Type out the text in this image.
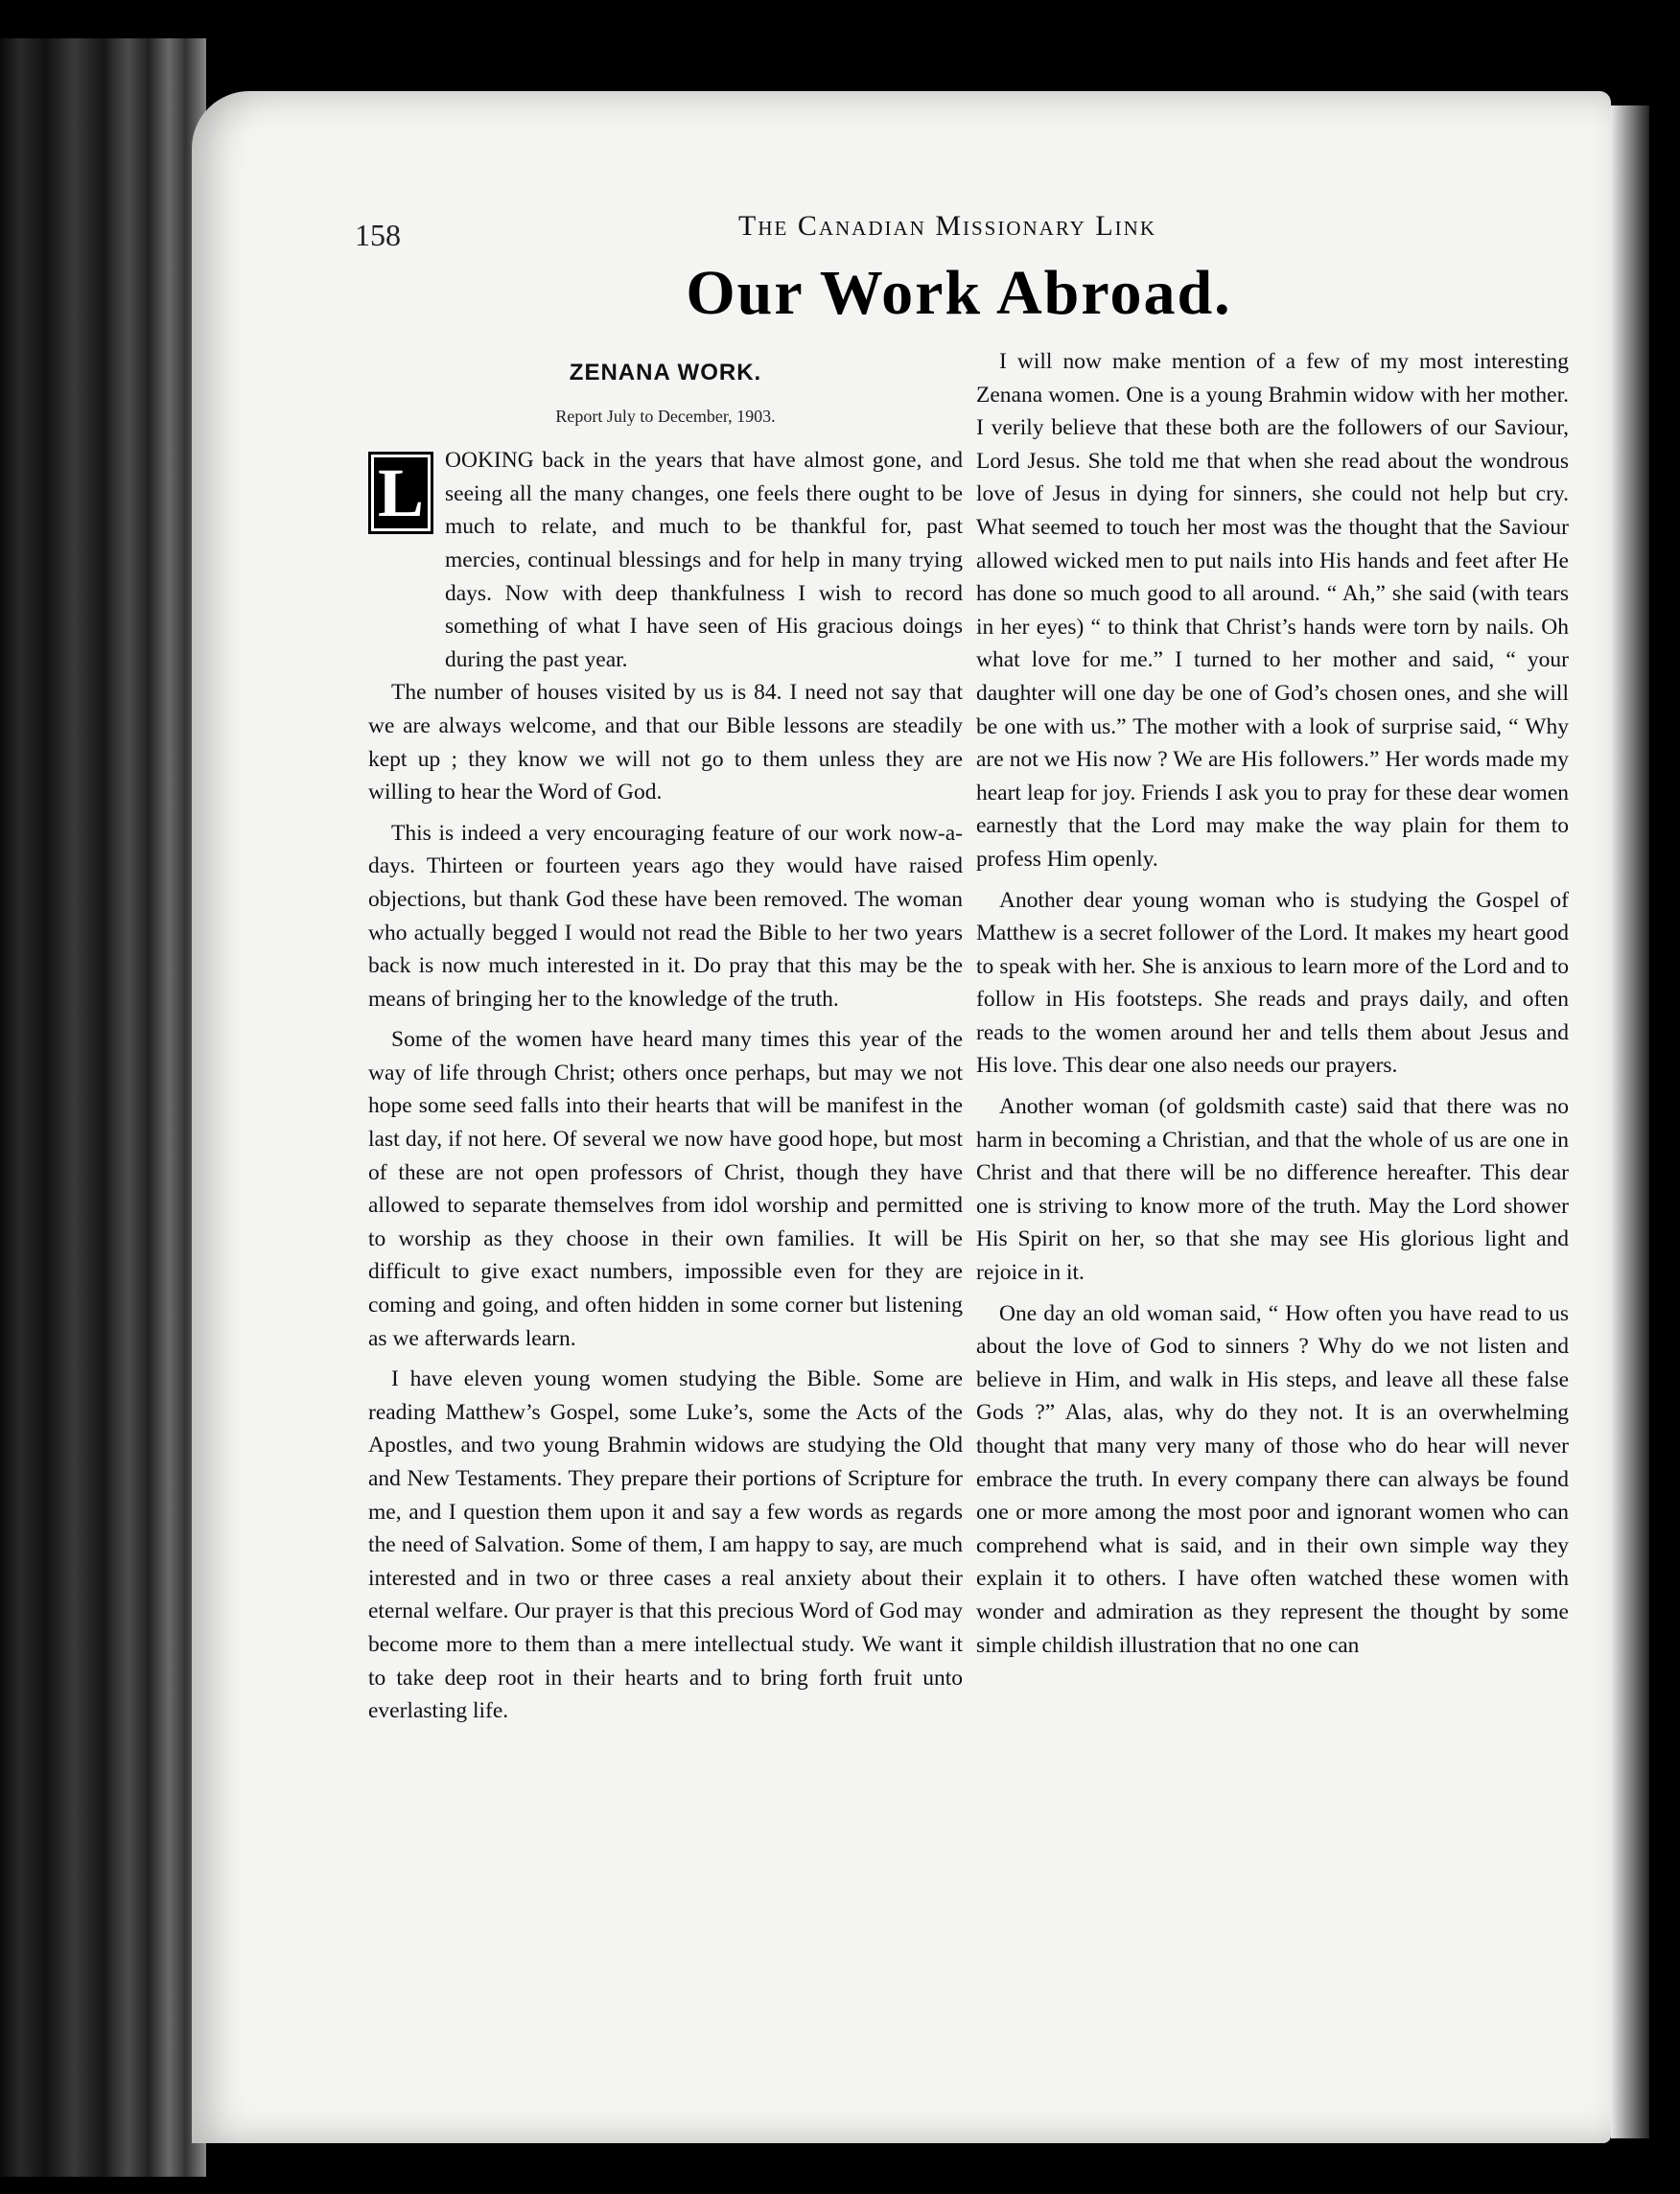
158	The Canadian Missionary Link
Our Work Abroad.
ZENANA WORK.
Report July to December, 1903.
L OOKING back in the years that have almost gone, and seeing all the many changes, one feels there ought to be much to relate, and much to be thankful for, past mercies, continual blessings and for help in many trying days. Now with deep thankfulness I wish to record something of what I have seen of His gracious doings during the past year.

The number of houses visited by us is 84. I need not say that we are always welcome, and that our Bible lessons are steadily kept up ; they know we will not go to them unless they are willing to hear the Word of God.

This is indeed a very encouraging feature of our work now-a-days. Thirteen or fourteen years ago they would have raised objections, but thank God these have been removed. The woman who actually begged I would not read the Bible to her two years back is now much interested in it. Do pray that this may be the means of bringing her to the knowledge of the truth.

Some of the women have heard many times this year of the way of life through Christ; others once perhaps, but may we not hope some seed falls into their hearts that will be manifest in the last day, if not here. Of several we now have good hope, but most of these are not open professors of Christ, though they have allowed to separate themselves from idol worship and permitted to worship as they choose in their own families. It will be difficult to give exact numbers, impossible even for they are coming and going, and often hidden in some corner but listening as we afterwards learn.

I have eleven young women studying the Bible. Some are reading Matthew’s Gospel, some Luke’s, some the Acts of the Apostles, and two young Brahmin widows are studying the Old and New Testaments. They prepare their portions of Scripture for me, and I question them upon it and say a few words as regards the need of Salvation. Some of them, I am happy to say, are much interested and in two or three cases a real anxiety about their eternal welfare. Our prayer is that this precious Word of God may become more to them than a mere intellectual study. We want it to take deep root in their hearts and to bring forth fruit unto everlasting life.

I will now make mention of a few of my most interesting Zenana women. One is a young Brahmin widow with her mother. I verily believe that these both are the followers of our Saviour, Lord Jesus. She told me that when she read about the wondrous love of Jesus in dying for sinners, she could not help but cry. What seemed to touch her most was the thought that the Saviour allowed wicked men to put nails into His hands and feet after He has done so much good to all around. “ Ah,” she said (with tears in her eyes) “ to think that Christ’s hands were torn by nails. Oh what love for me.” I turned to her mother and said, “ your daughter will one day be one of God’s chosen ones, and she will be one with us.” The mother with a look of surprise said, “ Why are not we His now ? We are His followers.” Her words made my heart leap for joy. Friends I ask you to pray for these dear women earnestly that the Lord may make the way plain for them to profess Him openly.

Another dear young woman who is studying the Gospel of Matthew is a secret follower of the Lord. It makes my heart good to speak with her. She is anxious to learn more of the Lord and to follow in His footsteps. She reads and prays daily, and often reads to the women around her and tells them about Jesus and His love. This dear one also needs our prayers.

Another woman (of goldsmith caste) said that there was no harm in becoming a Christian, and that the whole of us are one in Christ and that there will be no difference hereafter. This dear one is striving to know more of the truth. May the Lord shower His Spirit on her, so that she may see His glorious light and rejoice in it.

One day an old woman said, “ How often you have read to us about the love of God to sinners ? Why do we not listen and believe in Him, and walk in His steps, and leave all these false Gods ?” Alas, alas, why do they not. It is an overwhelming thought that many very many of those who do hear will never embrace the truth. In every company there can always be found one or more among the most poor and ignorant women who can comprehend what is said, and in their own simple way they explain it to others. I have often watched these women with wonder and admiration as they represent the thought by some simple childish illustration that no one can
